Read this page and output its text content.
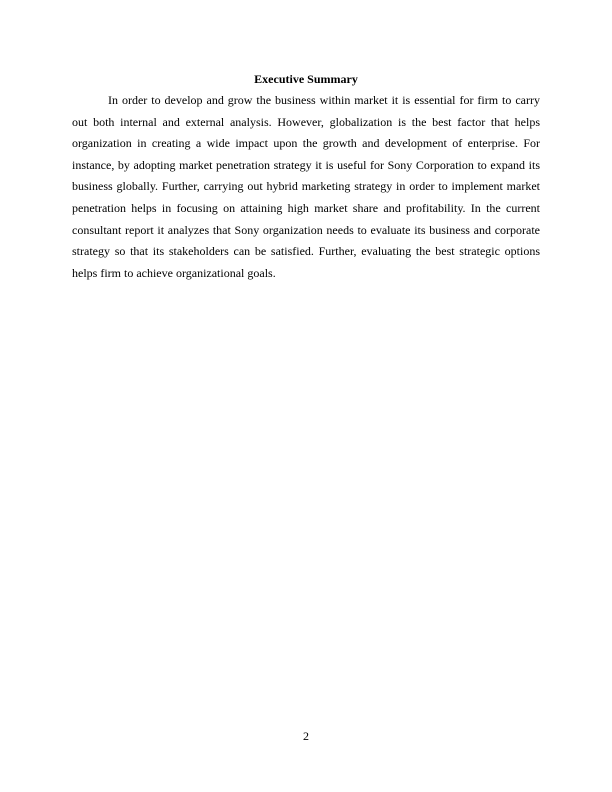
Executive Summary

In order to develop and grow the business within market it is essential for firm to carry out both internal and external analysis. However, globalization is the best factor that helps organization in creating a wide impact upon the growth and development of enterprise. For instance, by adopting market penetration strategy it is useful for Sony Corporation to expand its business globally. Further, carrying out hybrid marketing strategy in order to implement market penetration helps in focusing on attaining high market share and profitability. In the current consultant report it analyzes that Sony organization needs to evaluate its business and corporate strategy so that its stakeholders can be satisfied. Further, evaluating the best strategic options helps firm to achieve organizational goals.

2
